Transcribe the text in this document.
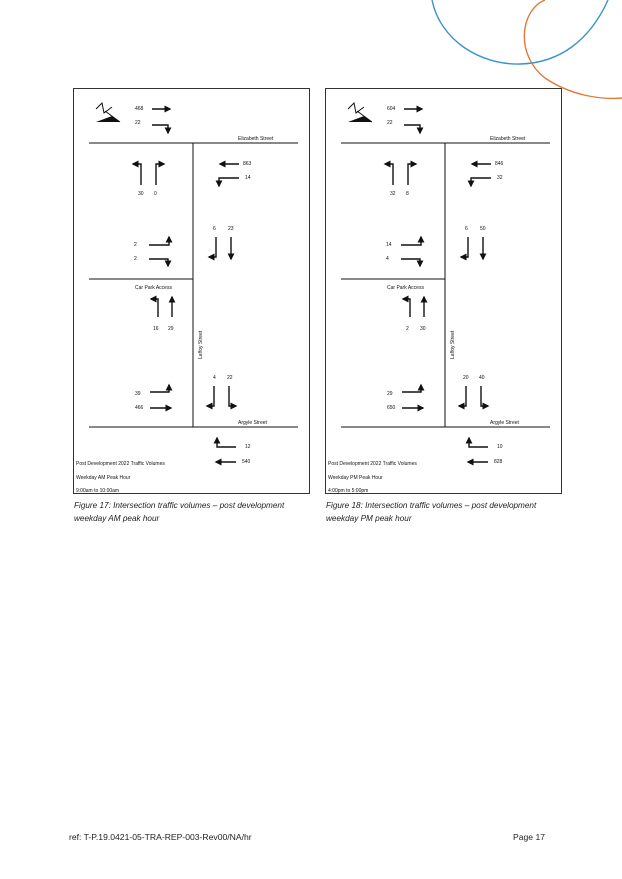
468
22
Elizabeth Street
30 0
863
14
6 23
2
2
Car Park Access
16 29
Laffoy Street
4 22
39
466
Argyle Street
12
540
Post Development 2022 Traffic Volumes
Weekday AM Peak Hour
9:00am to 10:00am
604
22
Elizabeth Street
32 8
846
32
6 50
14
4
Car Park Access
2 30
Laffoy Street
20 40
29
650
Argyle Street
10
828
Post Development 2022 Traffic Volumes
Weekday PM Peak Hour
4:00pm to 5:00pm
Figure 17: Intersection traffic volumes – post development weekday AM peak hour
Figure 18: Intersection traffic volumes – post development weekday PM peak hour
ref: T-P.19.0421-05-TRA-REP-003-Rev00/NA/hr	Page 17
